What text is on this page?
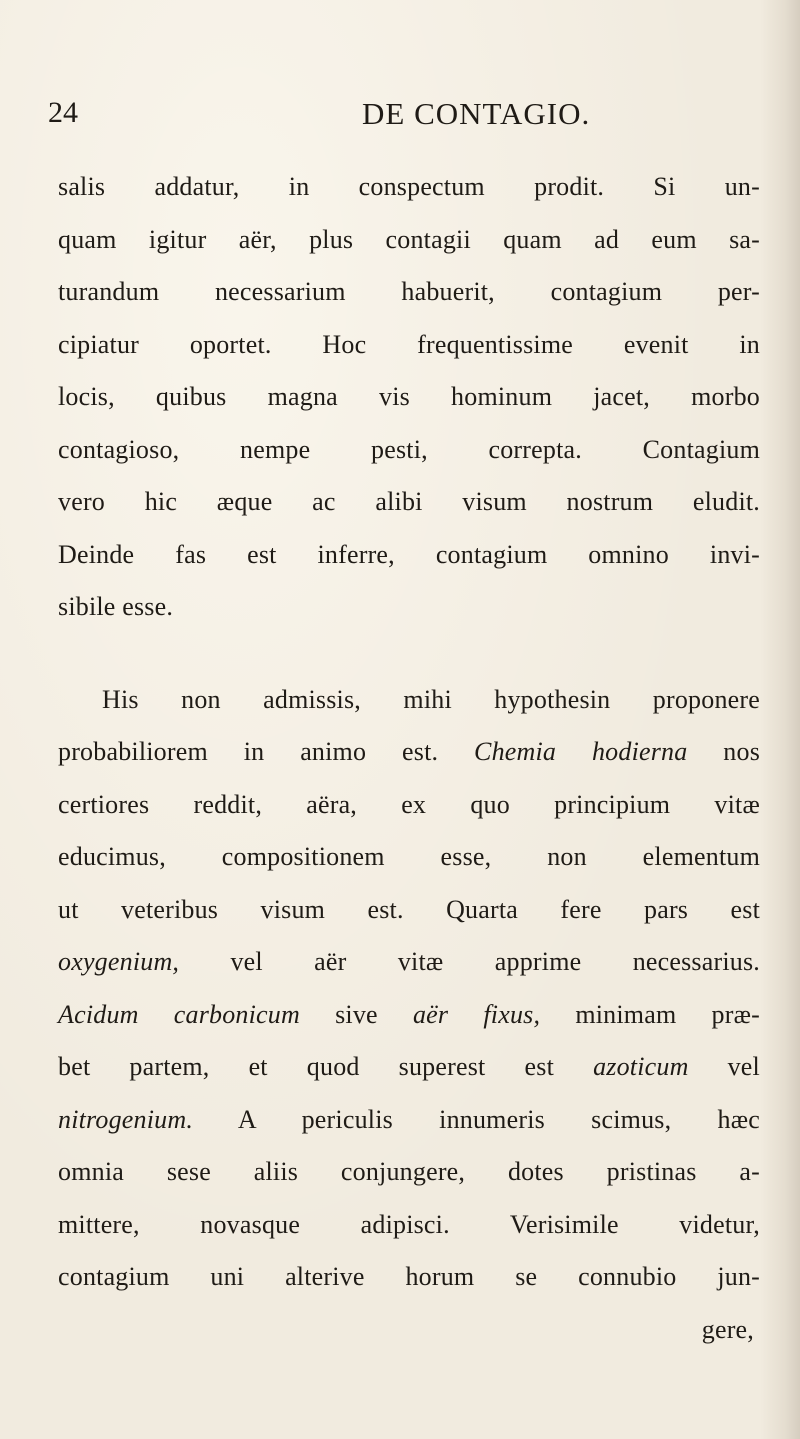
24	DE CONTAGIO.
salis addatur, in conspectum prodit. Si un-
quam igitur aër, plus contagii quam ad eum sa-
turandum necessarium habuerit, contagium per-
cipiatur oportet. Hoc frequentissime evenit in
locis, quibus magna vis hominum jacet, morbo
contagioso, nempe pesti, correpta. Contagium
vero hic æque ac alibi visum nostrum eludit.
Deinde fas est inferre, contagium omnino invi-
sibile esse.
His non admissis, mihi hypothesin proponere
probabiliorem in animo est. Chemia hodierna nos
certiores reddit, aëra, ex quo principium vitæ
educimus, compositionem esse, non elementum
ut veteribus visum est. Quarta fere pars est
oxygenium, vel aër vitæ apprime necessarius.
Acidum carbonicum sive aër fixus, minimam præ-
bet partem, et quod superest est azoticum vel
nitrogenium. A periculis innumeris scimus, hæc
omnia sese aliis conjungere, dotes pristinas a-
mittere, novasque adipisci. Verisimile videtur,
contagium uni alterive horum se connubio jun-
gere,
